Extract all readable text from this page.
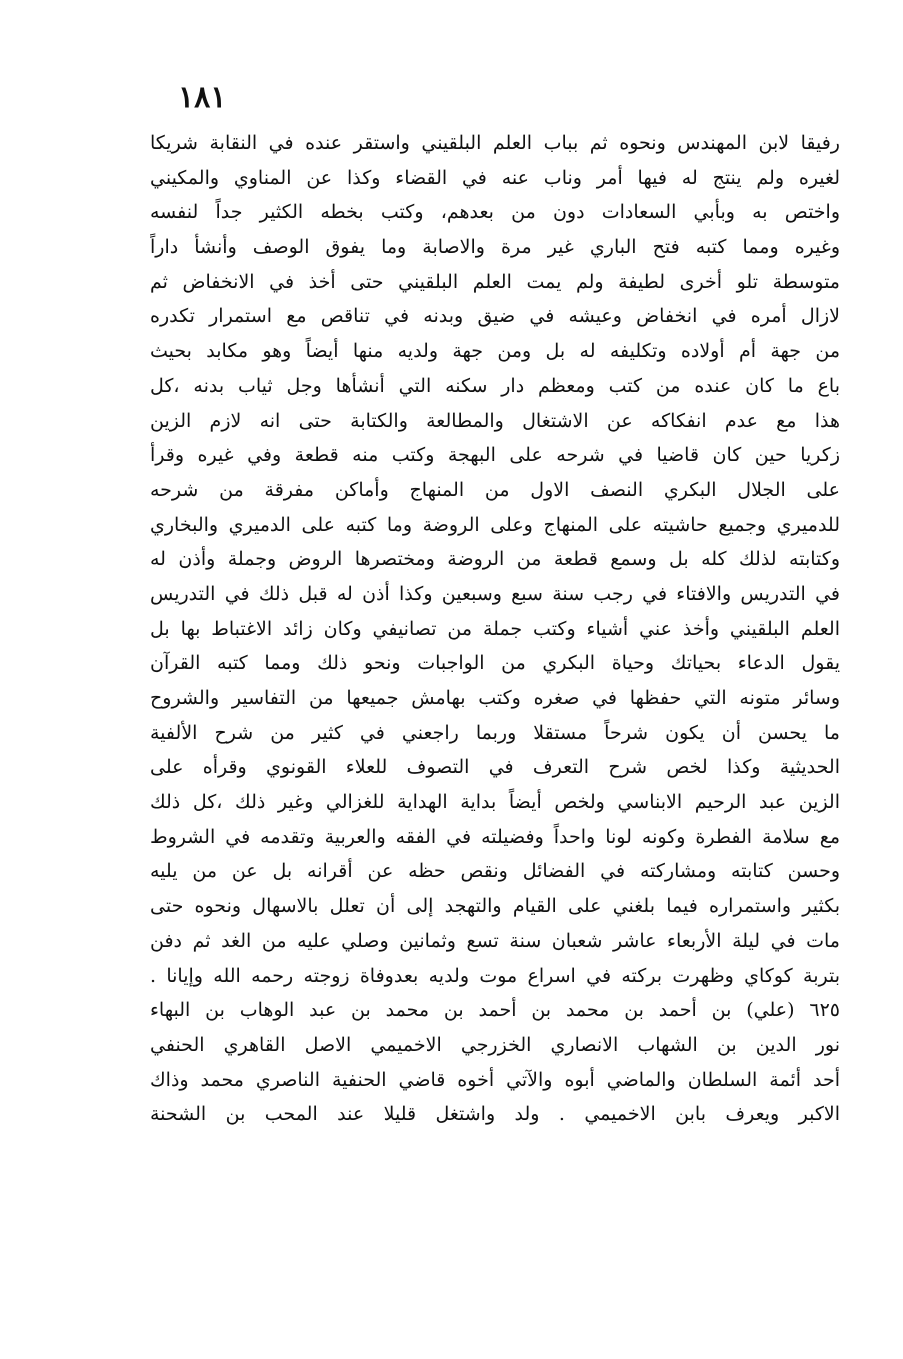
١٨١
رفيقا لابن المهندس ونحوه ثم بباب العلم البلقيني واستقر عنده في النقابة شريكا
لغيره ولم ينتج له فيها أمر وناب عنه في القضاء وكذا عن المناوي والمكيني
واختص به وبأبي السعادات دون من بعدهم، وكتب بخطه الكثير جداً لنفسه
وغيره ومما كتبه فتح الباري غير مرة والاصابة وما يفوق الوصف وأنشأ داراً
متوسطة تلو أخرى لطيفة ولم يمت العلم البلقيني حتى أخذ في الانخفاض ثم
لازال أمره في انخفاض وعيشه في ضيق وبدنه في تناقص مع استمرار تكدره
من جهة أم أولاده وتكليفه له بل ومن جهة ولديه منها أيضاً وهو مكابد بحيث
باع ما كان عنده من كتب ومعظم دار سكنه التي أنشأها وجل ثياب بدنه ،كل
هذا مع عدم انفكاكه عن الاشتغال والمطالعة والكتابة حتى انه لازم الزين
زكريا حين كان قاضيا في شرحه على البهجة وكتب منه قطعة وفي غيره وقرأ
على الجلال البكري النصف الاول من المنهاج وأماكن مفرقة من شرحه
للدميري وجميع حاشيته على المنهاج وعلى الروضة وما كتبه على الدميري والبخاري
وكتابته لذلك كله بل وسمع قطعة من الروضة ومختصرها الروض وجملة وأذن له
في التدريس والافتاء في رجب سنة سبع وسبعين وكذا أذن له قبل ذلك في التدريس
العلم البلقيني وأخذ عني أشياء وكتب جملة من تصانيفي وكان زائد الاغتباط بها بل
يقول الدعاء بحياتك وحياة البكري من الواجبات ونحو ذلك ومما كتبه القرآن
وسائر متونه التي حفظها في صغره وكتب بهامش جميعها من التفاسير والشروح
ما يحسن أن يكون شرحاً مستقلا وربما راجعني في كثير من شرح الألفية
الحديثية وكذا لخص شرح التعرف في التصوف للعلاء القونوي وقرأه على
الزين عبد الرحيم الابناسي ولخص أيضاً بداية الهداية للغزالي وغير ذلك ،كل ذلك
مع سلامة الفطرة وكونه لونا واحداً وفضيلته في الفقه والعربية وتقدمه في الشروط
وحسن كتابته ومشاركته في الفضائل ونقص حظه عن أقرانه بل عن من يليه
بكثير واستمراره فيما بلغني على القيام والتهجد إلى أن تعلل بالاسهال ونحوه حتى
مات في ليلة الأربعاء عاشر شعبان سنة تسع وثمانين وصلي عليه من الغد ثم دفن
بتربة كوكاي وظهرت بركته في اسراع موت ولديه بعدوفاة زوجته رحمه الله وإيانا .
٦٢٥ (علي) بن أحمد بن محمد بن أحمد بن محمد بن عبد الوهاب بن البهاء
نور الدين بن الشهاب الانصاري الخزرجي الاخميمي الاصل القاهري الحنفي
أحد أئمة السلطان والماضي أبوه والآتي أخوه قاضي الحنفية الناصري محمد وذاك
الاكبر ويعرف بابن الاخميمي . ولد واشتغل قليلا عند المحب بن الشحنة
